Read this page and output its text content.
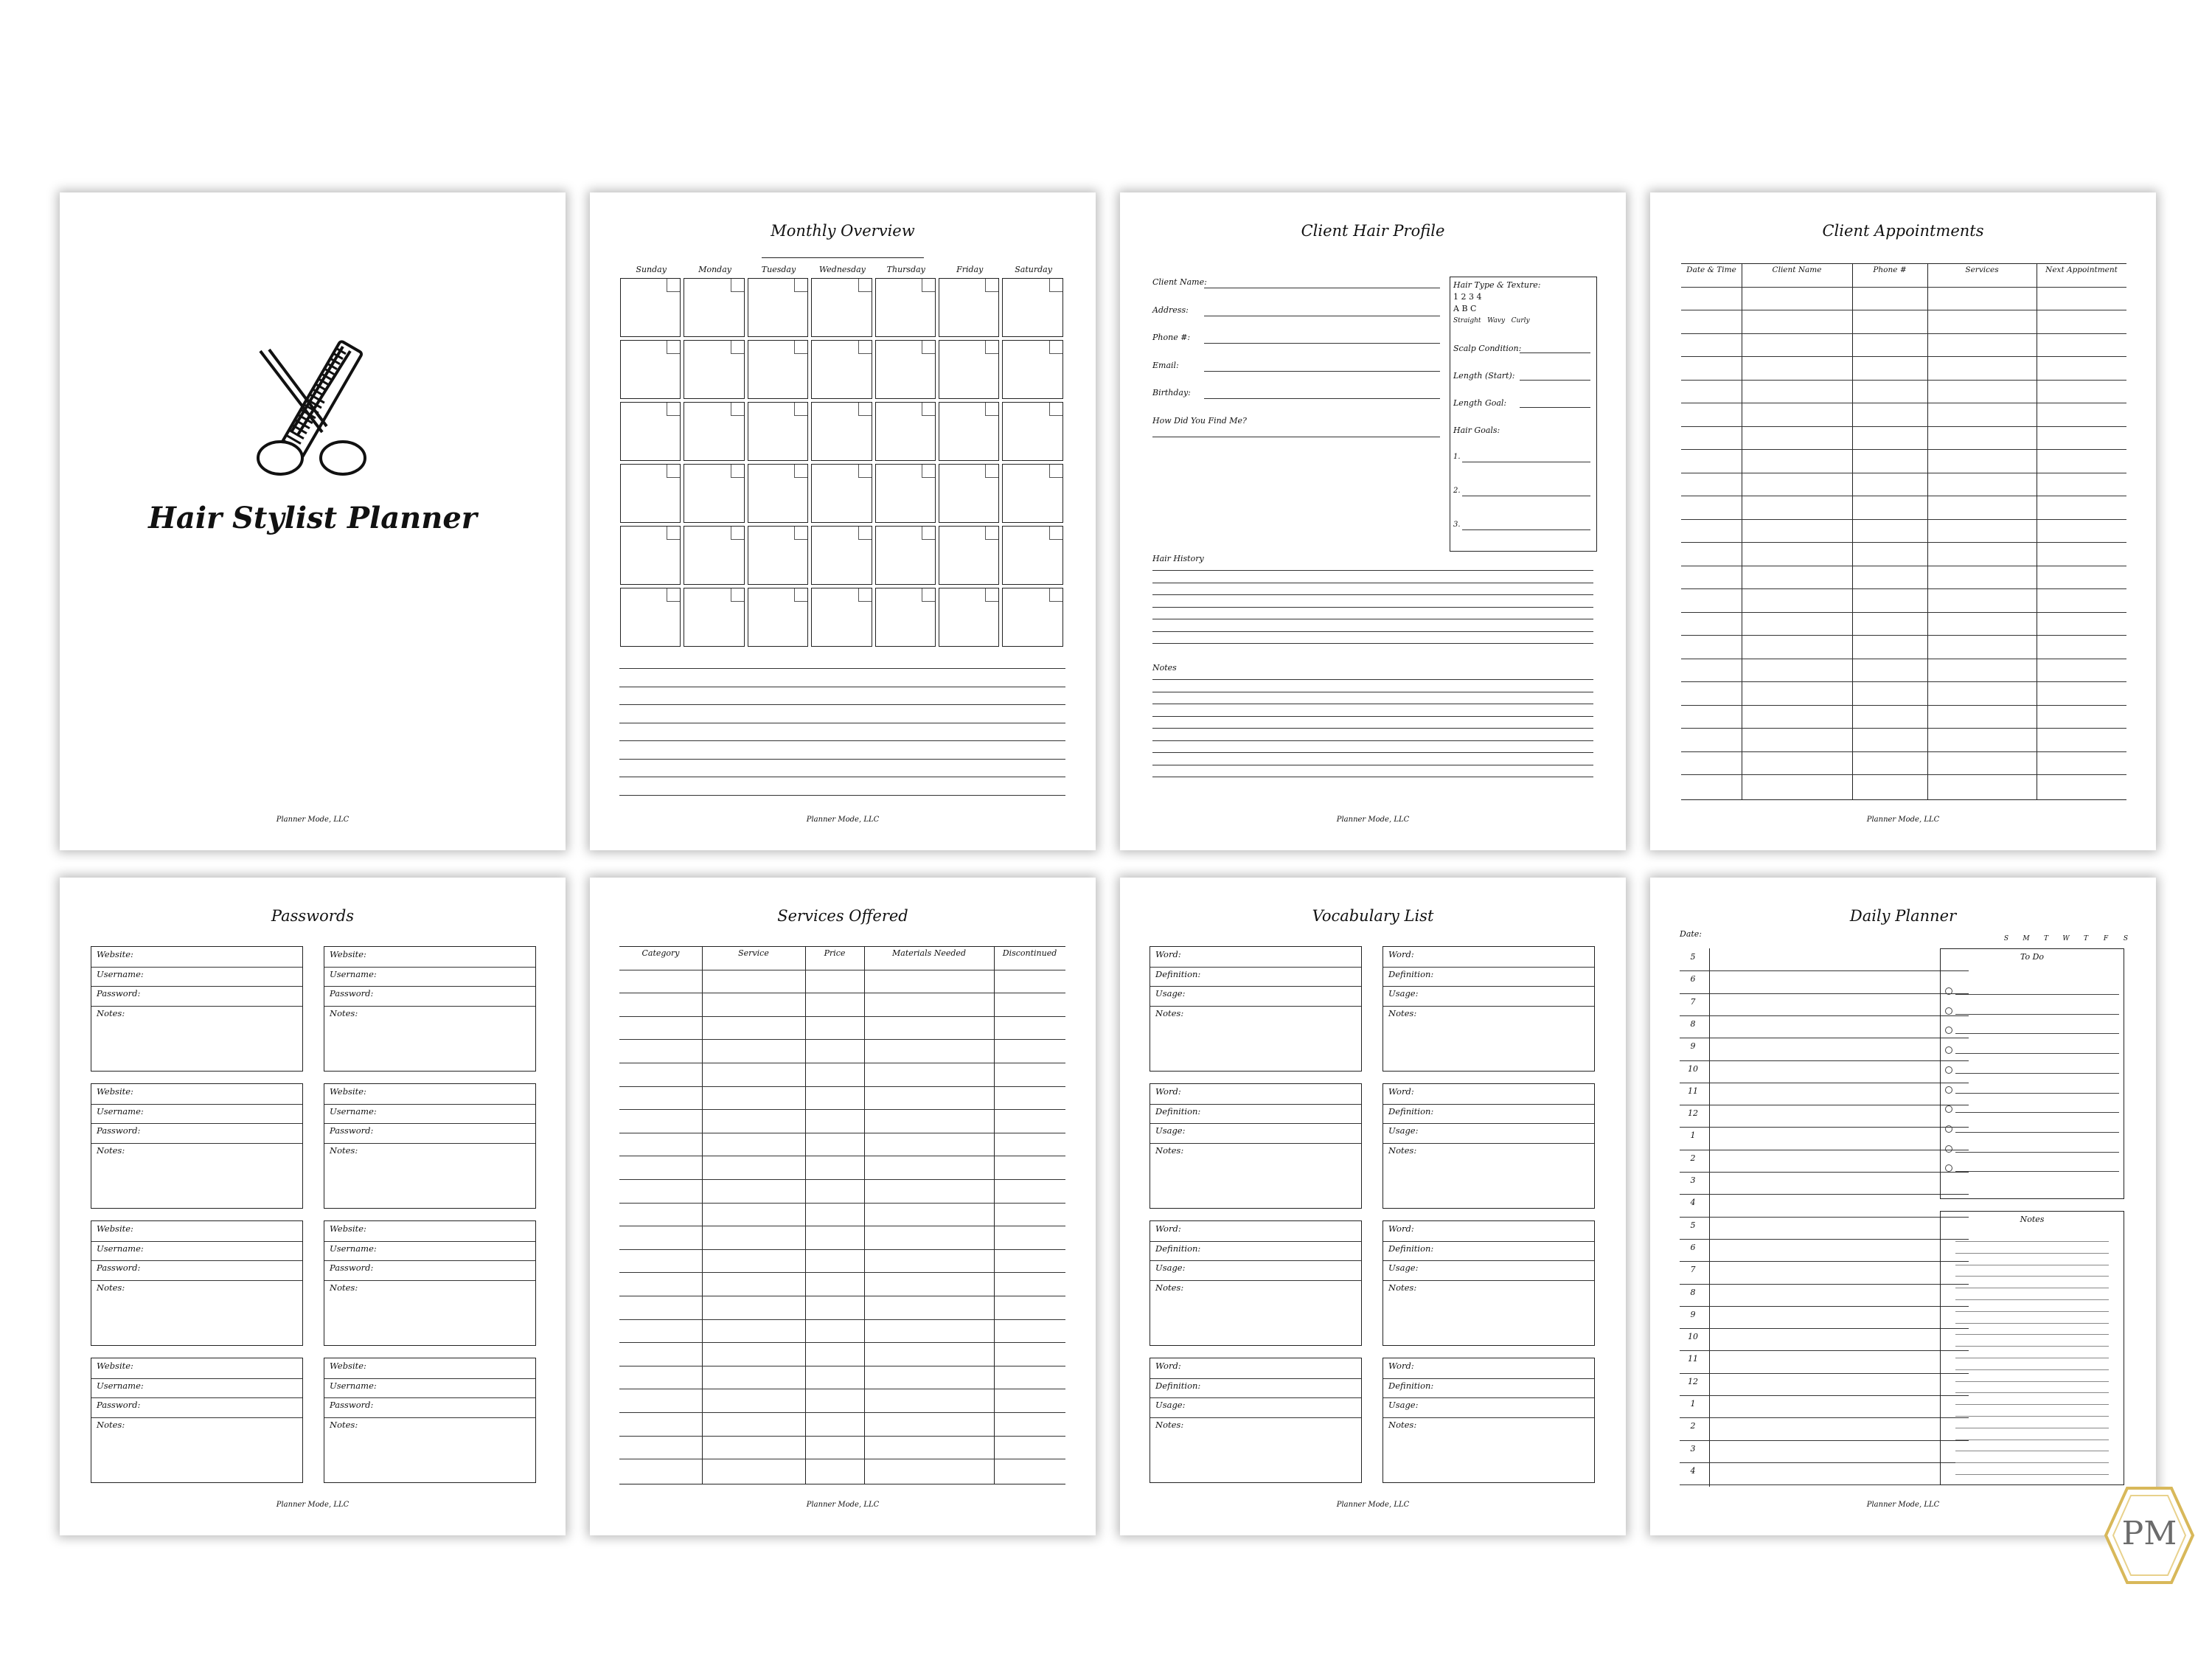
Hair Stylist Planner
Planner Mode, LLC
Monthly Overview
Sunday	Monday	Tuesday	Wednesday	Thursday	Friday	Saturday
Planner Mode, LLC
Client Hair Profile
Client Name:
Address:
Phone #:
Email:
Birthday:
How Did You Find Me?
Hair Type & Texture:
1 2 3 4
A B C
Straight   Wavy   Curly
Scalp Condition:
Length (Start):
Length Goal:
Hair Goals:
1.
2.
3.
Hair History
Notes
Planner Mode, LLC
Client Appointments
Date & Time	Client Name	Phone #	Services	Next Appointment
Planner Mode, LLC
Passwords
Website:
Username:
Password:
Notes:
Website:
Username:
Password:
Notes:
Website:
Username:
Password:
Notes:
Website:
Username:
Password:
Notes:
Website:
Username:
Password:
Notes:
Website:
Username:
Password:
Notes:
Website:
Username:
Password:
Notes:
Website:
Username:
Password:
Notes:
Planner Mode, LLC
Services Offered
Category	Service	Price	Materials Needed	Discontinued
Planner Mode, LLC
Vocabulary List
Word:
Definition:
Usage:
Notes:
Word:
Definition:
Usage:
Notes:
Word:
Definition:
Usage:
Notes:
Word:
Definition:
Usage:
Notes:
Word:
Definition:
Usage:
Notes:
Word:
Definition:
Usage:
Notes:
Word:
Definition:
Usage:
Notes:
Word:
Definition:
Usage:
Notes:
Planner Mode, LLC
Daily Planner
Date:	S	M	T	W	T	F	S
5
6
7
8
9
10
11
12
1
2
3
4
5
6
7
8
9
10
11
12
1
2
3
4
To Do
Notes
Planner Mode, LLC
PM
